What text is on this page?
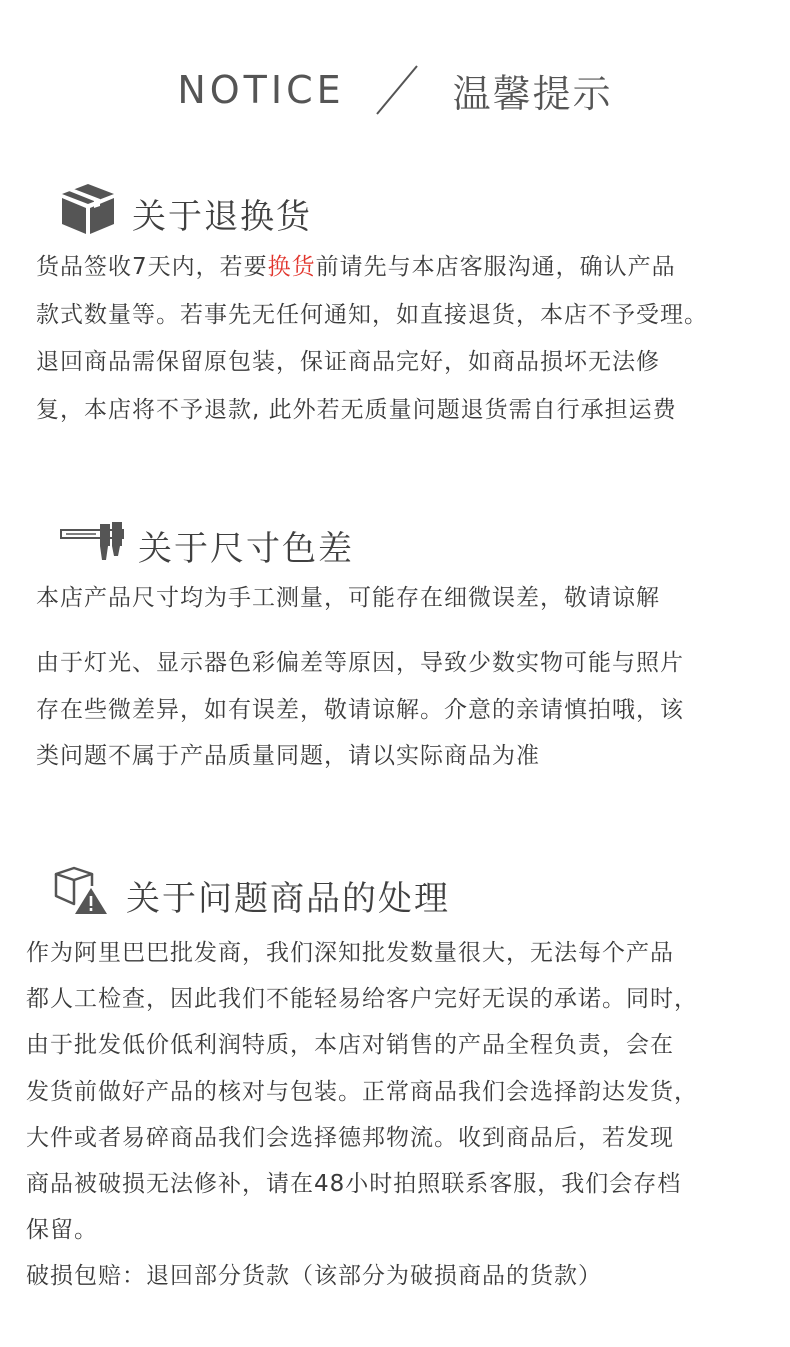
NOTICE	温馨提示
关于退换货

货品签收7天内，若要换货前请先与本店客服沟通，确认产品
款式数量等。若事先无任何通知，如直接退货，本店不予受理。
退回商品需保留原包装，保证商品完好，如商品损坏无法修
复，本店将不予退款, 此外若无质量问题退货需自行承担运费

关于尺寸色差

本店产品尺寸均为手工测量，可能存在细微误差，敬请谅解

由于灯光、显示器色彩偏差等原因，导致少数实物可能与照片
存在些微差异，如有误差，敬请谅解。介意的亲请慎拍哦，该
类问题不属于产品质量同题，请以实际商品为准

关于问题商品的处理

作为阿里巴巴批发商，我们深知批发数量很大，无法每个产品
都人工检查，因此我们不能轻易给客户完好无误的承诺。同时，
由于批发低价低利润特质，本店对销售的产品全程负责，会在
发货前做好产品的核对与包装。正常商品我们会选择韵达发货，
大件或者易碎商品我们会选择德邦物流。收到商品后，若发现
商品被破损无法修补，请在48小时拍照联系客服，我们会存档
保留。
破损包赔：退回部分货款（该部分为破损商品的货款）
